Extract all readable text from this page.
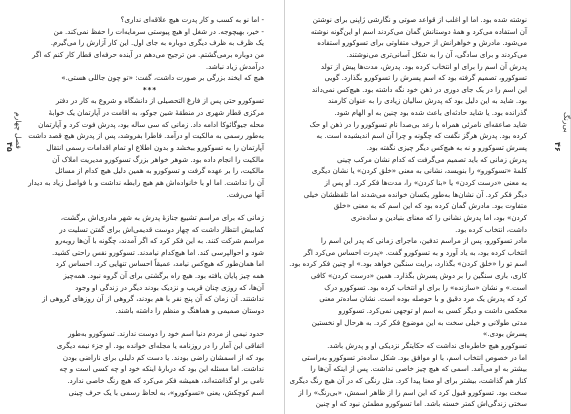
فصل چهارم
۴۵
- اما نو به کسب و کار پدرت هیچ علاقه‌ای نداری؟
- خیر، بهیچوجه. در شغل او هیچ پیوستی سرمایه‌ات را حفظ نمی‌کند. من
یک ظرف به ظرف دیگری دوباره به جای اول. این کار آزارش را می‌گیرم.
من دوباره برمی‌گشتم. من ترجیح می‌دهم در آینده حرفه‌ای قطار کار کنم که اگر
درآمدش زیاد نباشد.
هیچ که ایخند بزرگی بر صورت داشت، گفت: «تو چون جاللی هستی.»
***
تسوکورو حتی پس از فارغ التحصیلی از دانشگاه و شروع به کار در دفتر
مرکزی قطار شهری در منطقهٔ شین جوکو، به اقامت در آپارتمان یک خوابهٔ
محله جیوگائوکا ادامه داد. زمانی که سی ساله بود، پدرش فوت کرد و آپارتمان
به‌طور رسمی به مالکیت او درآمد. فاطرا بفروشد، پس از پدرش هیچ قصد داشت
آپارتمان را به تسوکورو ببخشد و بدون اطلاع او تمام اقدامات رسمی انتقال
مالکیت را انجام داده بود. شوهر خواهر بزرگ تسوکورو مدیریت املاک آن
مالکیت، را بر عهده گرفت و تسوکورو به همین دلیل هیچ کدام از مسائل
آن را نداشت. اما او با خانواده‌اش هم هیچ رابطه نداشت و با فواصل زیاد به دیدار
آنها می‌رفت.
زمانی که برای مراسم تشییع جنازهٔ پدرش به شهر مادری‌اش برگشت،
کمابیش انتظار داشت که چهار دوست قدیمی‌اش برای گفتن تسلیت در
مراسم شرکت کنند. به این فکر کرد که اگر آمدند، چگونه با آن‌ها روبه‌رو
شود و احوالپرسی کند. اما هیچ‌کدام نیامدند. تسوکورو نفس راحتی کشید.
اما همان‌طور که هیچ‌کس نیامد، عمیقاً احساس تنهایی کرد. احساس کرد
همه چیز پایان یافته بود. هیچ راه برگشتی برای آن گروه نبود. همه‌چیز
آن‌ها، که روزی چنان قریب و نزدیک بودند دیگر در زندگی او وجود
نداشتند. آن زمان که آن پنج نفر با هم بودند، گروهی از آن روزهای گروهی از
دوستان صمیمی و هماهنگ و منظم را داشته باشند.
حدود نیمی از مردم دنیا اسم خود را دوست ندارند. تسوکورو به‌طور
اتفاقی این آمار را در روزنامه یا مجله‌ای خوانده بود. او جزء نیمه دیگری
بود که از اسمشان راضی بودند. یا دست کم دلیلی برای ناراضی بودن
نداشت. اما مسئله این بود که دربارهٔ اینکه خود او چه کسی است و چه
نامی بر او گذاشته‌اند، همیشه فکر می‌کرد که هیچ رنگ خاصی ندارد.
اسم کوچکش، یعنی «تسوکورو»، به لحاظ رسمی با یک حرف چینی
بی‌رنگ
۴۶
نوشته شده بود. اما او اغلب از قواعد صوتی و نگارشی ژاپنی برای نوشتن
آن استفاده می‌کرد و همهٔ دوستانش گمان می‌کردند اسم او این‌گونه نوشته
می‌شود. مادرش و خواهرانش از حروف متفاوتی برای تسوکورو استفاده
می‌کردند و برای سادگی، آن را به شکل آسانی‌تری می‌نوشتند.
پدرش آن اسم را برای او انتخاب کرده بود. پدرش، مدت‌ها پیش از تولد
تسوکورو، تصمیم گرفته بود که اسم پسرش را تسوکورو بگذارد. گویی
این اسم را در یک جای دوری در ذهن خود نگه داشته بود. هیچ‌کس نمی‌داند
بود. شاید به این دلیل بود که پدرش سالیان زیادی را به عنوان کارمند
گذرانده بود. یا شاید حادثه‌ای باعث شده بود چنین به او الهام شود.
شاید صاعقه‌ای نامرئی همراه با رعد بی‌صدا نام تسوکورو را در ذهن او حک
کرده بود. پدرش هرگز نگفت که چگونه و چرا آن اسم اندیشیده است. به
پسرش تسوکورو و نه به هیچ‌کس دیگر چیزی نگفته بود.
پدرش زمانی که باید تصمیم می‌گرفت که کدام نشان مرکب چینی
کلمهٔ «تسوکورو» را بنویسد، نشانی به معنی «خلق کردن» یا نشان دیگری
به معنی «درست کردن» یا «بنا کردن» را، مدت‌ها فکر کرد. او پس از
دیگر فکر کرد. آن نشان‌ها به‌طور یکسان خوانده می‌شدند اما تلفظشان خیلی
متفاوت بود. مادرش گمان کرده بود که این اسم که به معنی «خلق
کردن» بود، اما پدرش نشانی را که معنای بنیادین و ساده‌تری
داشت، انتخاب کرده بود.
مادر تسوکورو، پس از مراسم تدفین، ماجرای زمانی که پدر این اسم را
انتخاب کرده بود، به یاد آورد و به تسوکورو گفت. «پدرت احساس می‌کرد اگر
اسم تو را «خلق کردن» بگذارد، برایت سنگین خواهد بود.» او چنین فکر کرده بود.
کاری، باری سنگین را بر دوش پسرش بگذارد. همین «درست کردن» کافی
است.» و نشان «سازنده» را برای او انتخاب کرده بود. تسوکورو درک
کرد که پدرش یک مرد دقیق و با حوصله بوده است. نشان ساده‌تر معنی
محکمی داشت و دیگر کسی به اسم او توجهی نمی‌کرد. تسوکورو
مدتی طولانی و خیلی سخت به این موضوع فکر کرد. به هرحال او نخستین
پسرش بودی.»
تسوکورو هیچ خاطره‌ای نداشت که حکایتگر نزدیکی او و پدرش باشد.
اما در خصوص انتخاب اسم، با او موافق بود. شکل ساده‌تر تسوکورو به‌راستی
بیشتر به او می‌آمد. اسمی که هیچ چیز خاصی نداشت. پس از اینکه آن‌ها را
کنار هم گذاشت، بیشتر برای او معنا پیدا کرد. مثل رنگی که در آن هیچ رنگ دیگری
سخت بود. تسوکورو قبول کرد که این اسم را از ظاهر اسمش، «بی‌رنگ» را از
سختی زندگی‌اش کمتر خسته باشد. اما تسوکورو مطمئن نبود که او چنین
